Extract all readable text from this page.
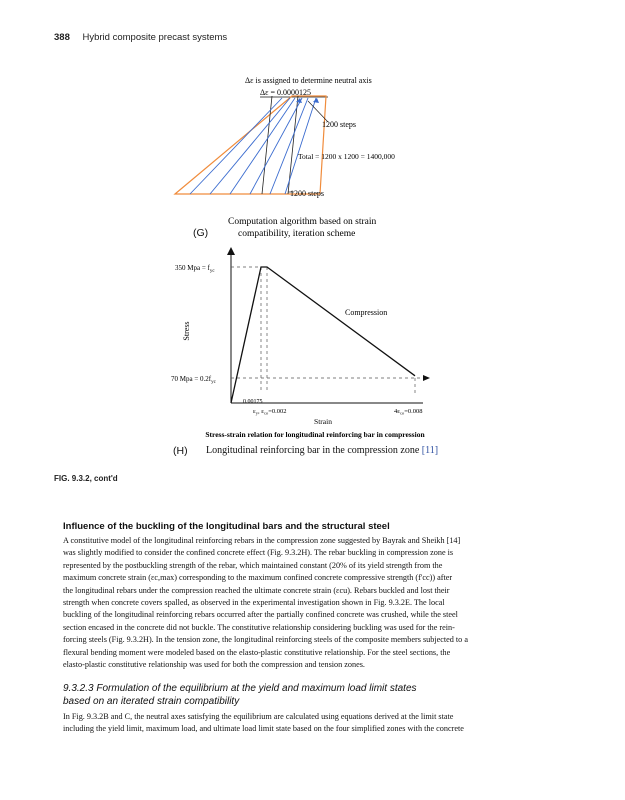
388 Hybrid composite precast systems
Δε is assigned to determine neutral axis
Δε = 0.0000125
1200 steps
Total = 1200 x 1200 = 1400,000
1200 steps
Computation algorithm based on strain
compatibility, iteration scheme
(G)
350 Mpa = $f_{yc}$
70 Mpa = $0.2f_{yc}$
Stress
Compression
0.00175
$\varepsilon_y$, $\varepsilon_{co}=0.002$	$4\varepsilon_{co}=0.008$
Strain
Stress-strain relation for longitudinal reinforcing bar in compression
(H) Longitudinal reinforcing bar in the compression zone [11]
FIG. 9.3.2, cont'd
Influence of the buckling of the longitudinal bars and the structural steel
A constitutive model of the longitudinal reinforcing rebars in the compression zone suggested by Bayrak and Sheikh [14]
was slightly modified to consider the confined concrete effect (Fig. 9.3.2H). The rebar buckling in compression zone is
represented by the postbuckling strength of the rebar, which maintained constant (20% of its yield strength from the
maximum concrete strain (εc,max) corresponding to the maximum confined concrete compressive strength (f'cc)) after
the longitudinal rebars under the compression reached the ultimate concrete strain (εcu). Rebars buckled and lost their
strength when concrete covers spalled, as observed in the experimental investigation shown in Fig. 9.3.2E. The local
buckling of the longitudinal reinforcing rebars occurred after the partially confined concrete was crushed, while the steel
section encased in the concrete did not buckle. The constitutive relationship considering buckling was used for the rein-
forcing steels (Fig. 9.3.2H). In the tension zone, the longitudinal reinforcing steels of the composite members subjected to a
flexural bending moment were modeled based on the elasto-plastic constitutive relationship. For the steel sections, the
elasto-plastic constitutive relationship was used for both the compression and tension zones.
9.3.2.3 Formulation of the equilibrium at the yield and maximum load limit states
based on an iterated strain compatibility
In Fig. 9.3.2B and C, the neutral axes satisfying the equilibrium are calculated using equations derived at the limit state
including the yield limit, maximum load, and ultimate load limit state based on the four simplified zones with the concrete
